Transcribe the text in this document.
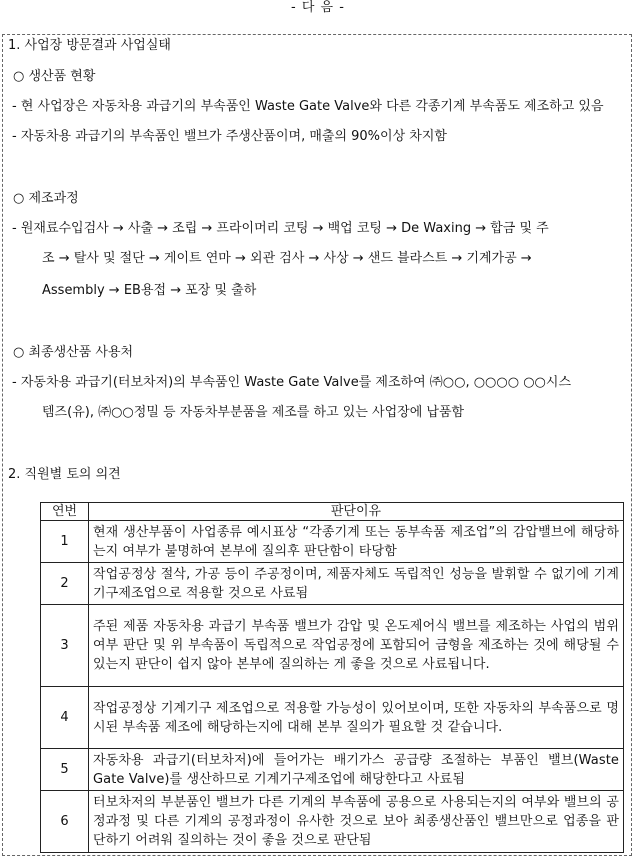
- 다 음 -
1. 사업장 방문결과 사업실태
○ 생산품 현황
- 현 사업장은 자동차용 과급기의 부속품인 Waste Gate Valve와 다른 각종기계 부속품도 제조하고 있음
- 자동차용 과급기의 부속품인 밸브가 주생산품이며, 매출의 90%이상 차지함
○ 제조과정
- 원재료수입검사 → 사출 → 조립 → 프라이머리 코팅 → 백업 코팅 → De Waxing → 합금 및 주
조 → 탈사 및 절단 → 게이트 연마 → 외관 검사 → 사상 → 샌드 블라스트 → 기계가공 →
Assembly → EB용접 → 포장 및 출하
○ 최종생산품 사용처
- 자동차용 과급기(터보차저)의 부속품인 Waste Gate Valve를 제조하여 ㈜○○, ○○○○ ○○시스
템즈(유), ㈜○○정밀 등 자동차부분품을 제조를 하고 있는 사업장에 납품함
2. 직원별 토의 의견
연번	판단이유
1	현재 생산부품이 사업종류 예시표상 “각종기계 또는 동부속품 제조업”의 감압밸브에 해당하는지 여부가 불명하여 본부에 질의후 판단함이 타당함
2	작업공정상 절삭, 가공 등이 주공정이며, 제품자체도 독립적인 성능을 발휘할 수 없기에 기계기구제조업으로 적용할 것으로 사료됨
3	주된 제품 자동차용 과급기 부속품 밸브가 감압 및 온도제어식 밸브를 제조하는 사업의 범위여부 판단 및 위 부속품이 독립적으로 작업공정에 포함되어 금형을 제조하는 것에 해당될 수 있는지 판단이 쉽지 않아 본부에 질의하는 게 좋을 것으로 사료됩니다.
4	작업공정상 기계기구 제조업으로 적용할 가능성이 있어보이며, 또한 자동차의 부속품으로 명시된 부속품 제조에 해당하는지에 대해 본부 질의가 필요할 것 같습니다.
5	자동차용 과급기(터보차저)에 들어가는 배기가스 공급량 조절하는 부품인 밸브(Waste Gate Valve)를 생산하므로 기계기구제조업에 해당한다고 사료됨
6	터보차저의 부분품인 밸브가 다른 기계의 부속품에 공용으로 사용되는지의 여부와 밸브의 공정과정 및 다른 기계의 공정과정이 유사한 것으로 보아 최종생산품인 밸브만으로 업종을 판단하기 어려워 질의하는 것이 좋을 것으로 판단됨
